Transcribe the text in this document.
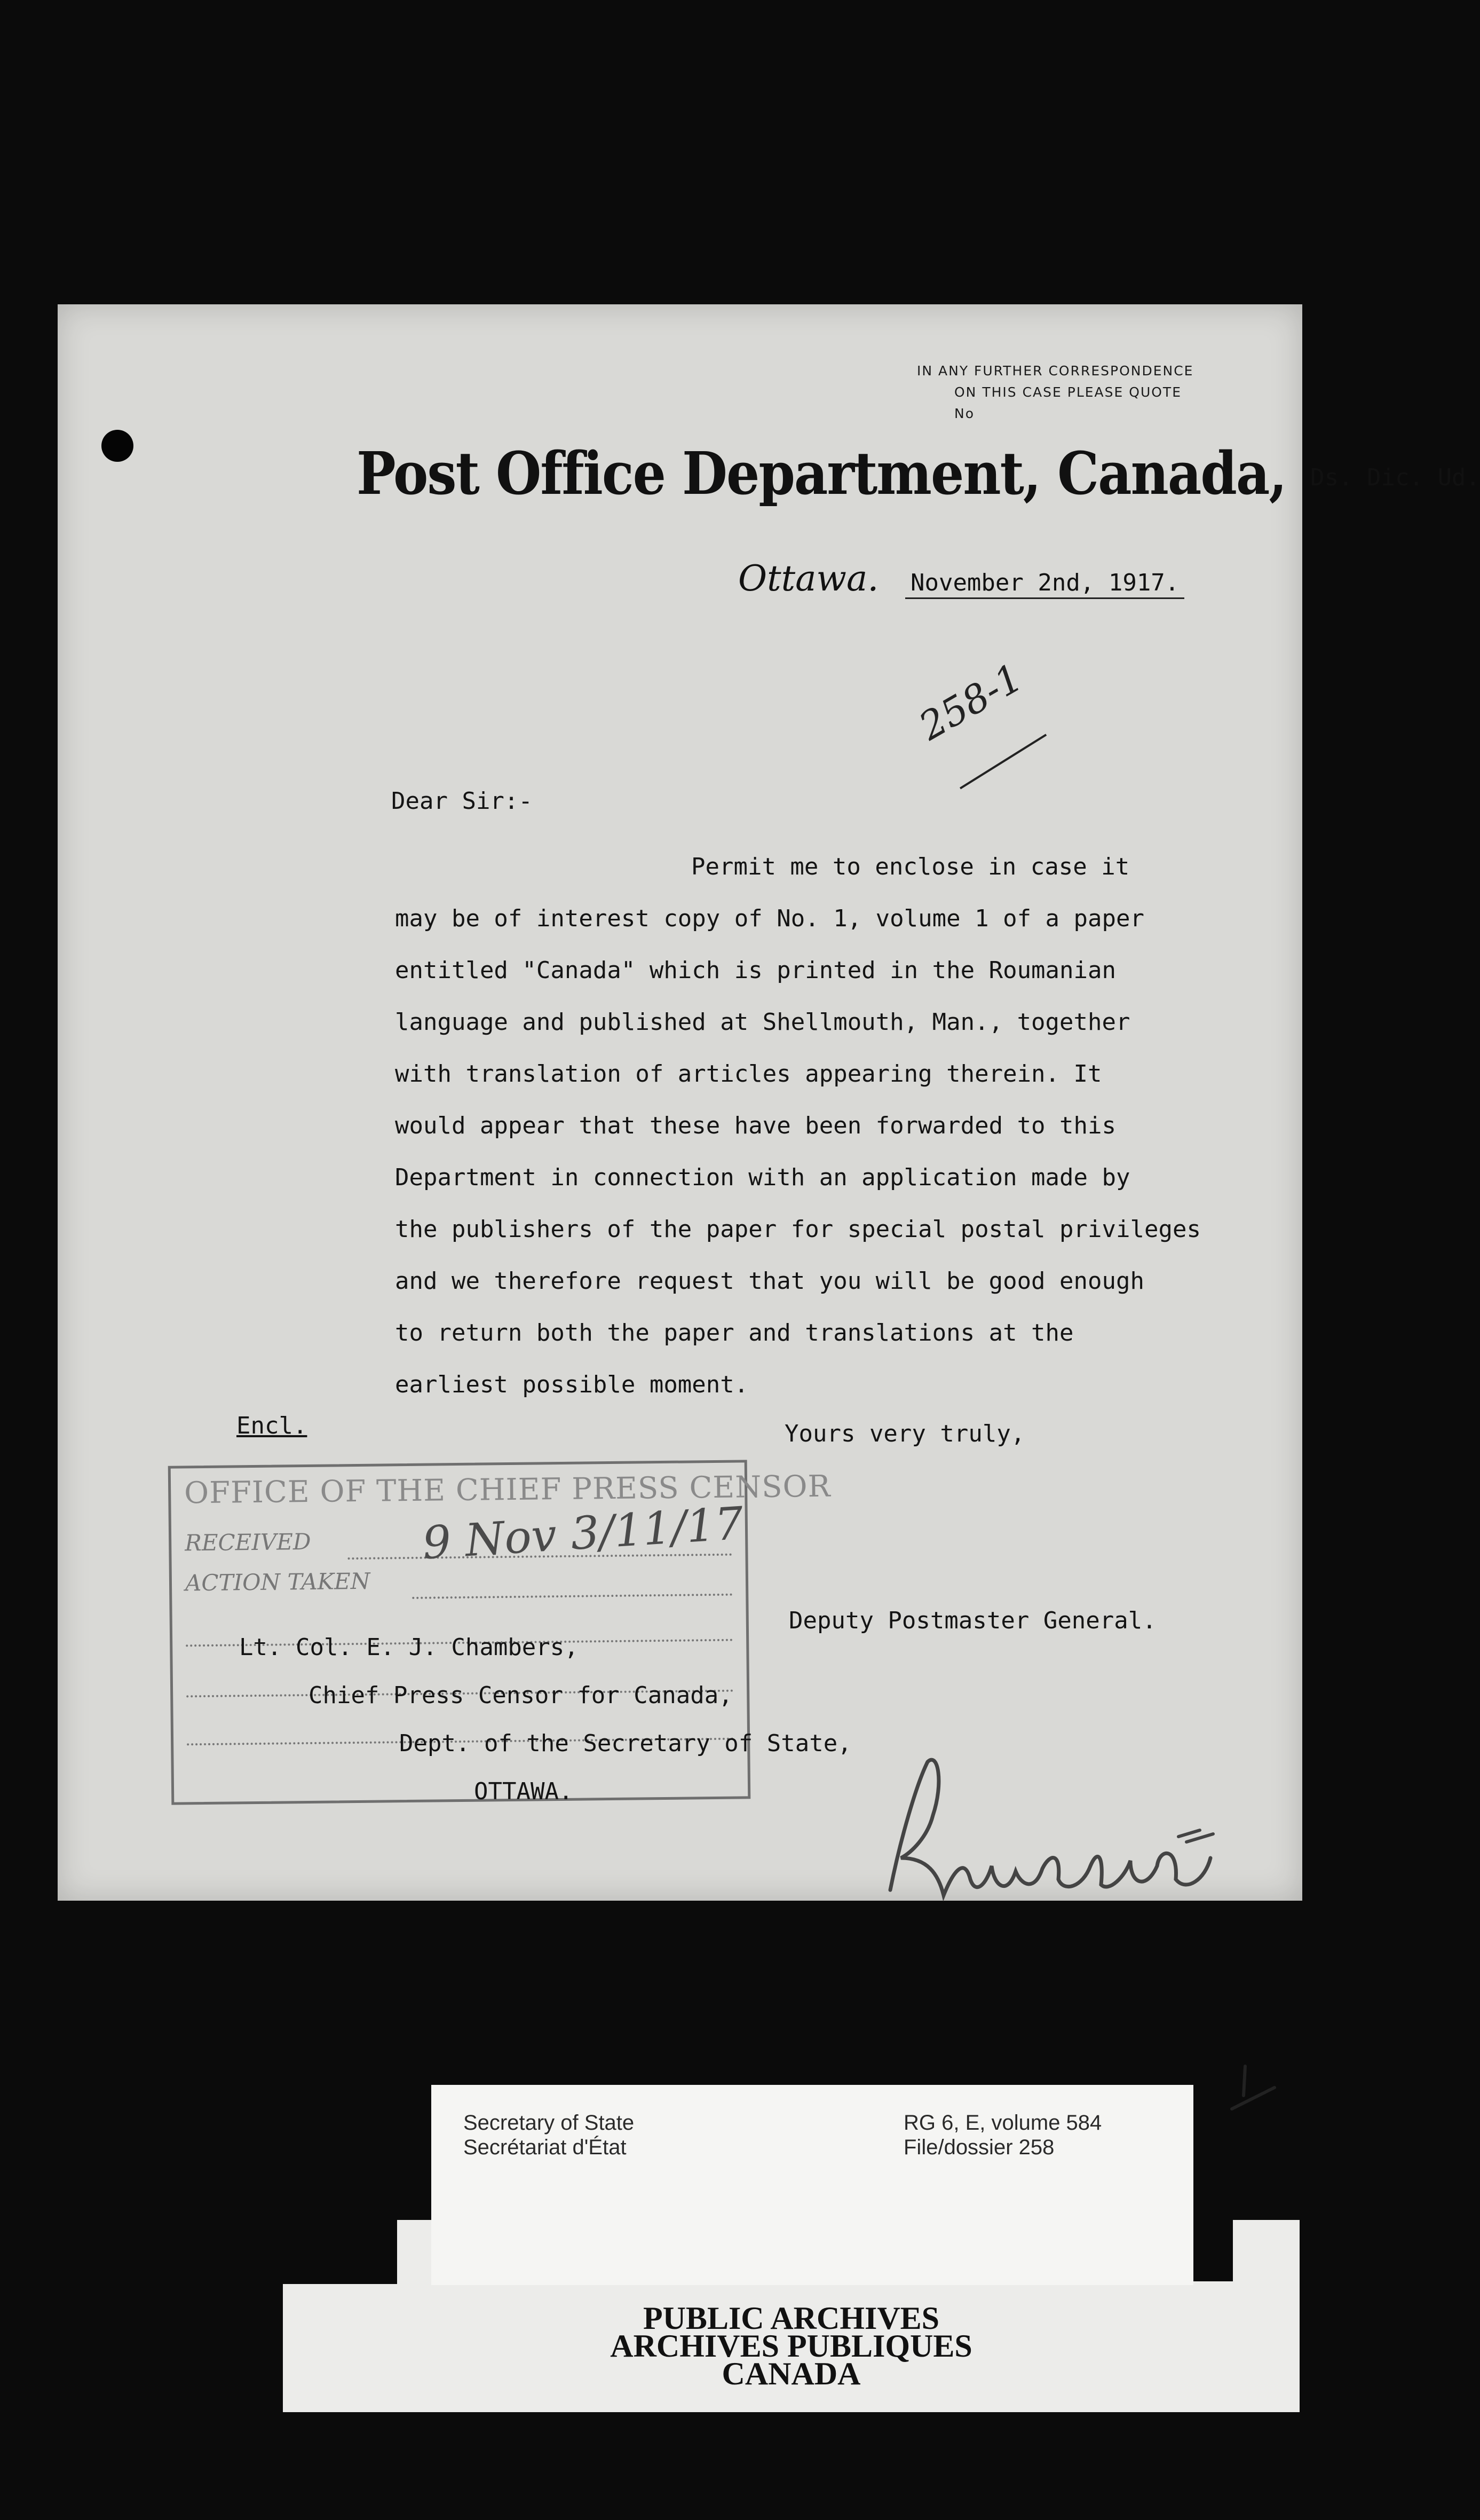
IN ANY FURTHER CORRESPONDENCE
ON THIS CASE PLEASE QUOTE
No
Post Office Department, Canada, Ds. Dic. Ud.
Ottawa. November 2nd, 1917.
258-1
Dear Sir:-
Permit me to enclose in case it
may be of interest copy of No. 1, volume 1 of a paper
entitled "Canada" which is printed in the Roumanian
language and published at Shellmouth, Man., together
with translation of articles appearing therein. It
would appear that these have been forwarded to this
Department in connection with an application made by
the publishers of the paper for special postal privileges
and we therefore request that you will be good enough
to return both the paper and translations at the
earliest possible moment.
Encl.	Yours very truly,
OFFICE OF THE CHIEF PRESS CENSOR
RECEIVED
ACTION TAKEN
9 Nov 3/11/17
Lt. Col. E. J. Chambers,
Chief Press Censor for Canada,
Dept. of the Secretary of State,
OTTAWA.
Deputy Postmaster General.
PUBLIC ARCHIVES
ARCHIVES PUBLIQUES
CANADA
Secretary of State
Secrétariat d'État
RG 6, E, volume 584
File/dossier 258
